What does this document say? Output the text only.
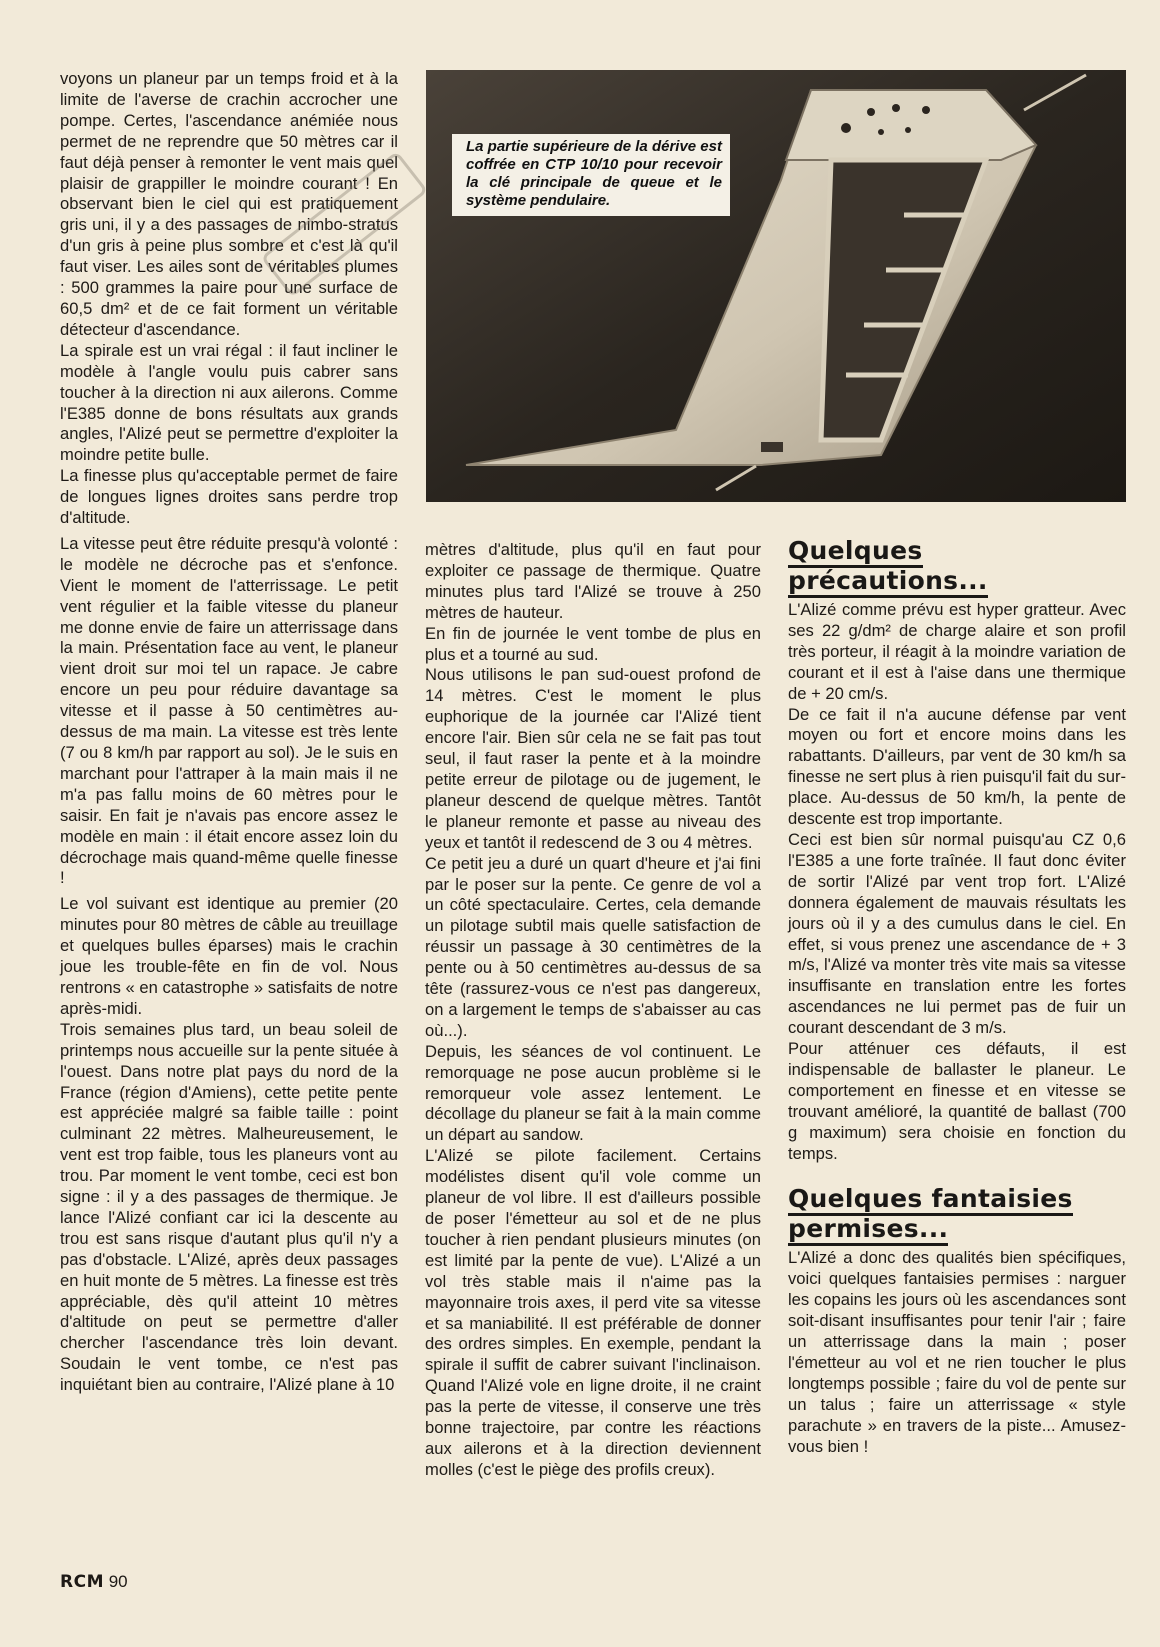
voyons un planeur par un temps froid et à la limite de l'averse de crachin accrocher une pompe. Certes, l'ascendance anémiée nous permet de ne reprendre que 50 mètres car il faut déjà penser à remonter le vent mais quel plaisir de grappiller le moindre courant ! En observant bien le ciel qui est pratiquement gris uni, il y a des passages de nimbo-stratus d'un gris à peine plus sombre et c'est là qu'il faut viser. Les ailes sont de véritables plumes : 500 grammes la paire pour une surface de 60,5 dm² et de ce fait forment un véritable détecteur d'ascendance.

La spirale est un vrai régal : il faut incliner le modèle à l'angle voulu puis cabrer sans toucher à la direction ni aux ailerons. Comme l'E385 donne de bons résultats aux grands angles, l'Alizé peut se permettre d'exploiter la moindre petite bulle.

La finesse plus qu'acceptable permet de faire de longues lignes droites sans perdre trop d'altitude.

La vitesse peut être réduite presqu'à volonté : le modèle ne décroche pas et s'enfonce. Vient le moment de l'atterrissage. Le petit vent régulier et la faible vitesse du planeur me donne envie de faire un atterrissage dans la main. Présentation face au vent, le planeur vient droit sur moi tel un rapace. Je cabre encore un peu pour réduire davantage sa vitesse et il passe à 50 centimètres au-dessus de ma main. La vitesse est très lente (7 ou 8 km/h par rapport au sol). Je le suis en marchant pour l'attraper à la main mais il ne m'a pas fallu moins de 60 mètres pour le saisir. En fait je n'avais pas encore assez le modèle en main : il était encore assez loin du décrochage mais quand-même quelle finesse !

Le vol suivant est identique au premier (20 minutes pour 80 mètres de câble au treuillage et quelques bulles éparses) mais le crachin joue les trouble-fête en fin de vol. Nous rentrons « en catastrophe » satisfaits de notre après-midi.

Trois semaines plus tard, un beau soleil de printemps nous accueille sur la pente située à l'ouest. Dans notre plat pays du nord de la France (région d'Amiens), cette petite pente est appréciée malgré sa faible taille : point culminant 22 mètres. Malheureusement, le vent est trop faible, tous les planeurs vont au trou. Par moment le vent tombe, ceci est bon signe : il y a des passages de thermique. Je lance l'Alizé confiant car ici la descente au trou est sans risque d'autant plus qu'il n'y a pas d'obstacle. L'Alizé, après deux passages en huit monte de 5 mètres. La finesse est très appréciable, dès qu'il atteint 10 mètres d'altitude on peut se permettre d'aller chercher l'ascendance très loin devant. Soudain le vent tombe, ce n'est pas inquiétant bien au contraire, l'Alizé plane à 10

La partie supérieure de la dérive est coffrée en CTP 10/10 pour recevoir la clé principale de queue et le système pendulaire.

mètres d'altitude, plus qu'il en faut pour exploiter ce passage de thermique. Quatre minutes plus tard l'Alizé se trouve à 250 mètres de hauteur.

En fin de journée le vent tombe de plus en plus et a tourné au sud.

Nous utilisons le pan sud-ouest profond de 14 mètres. C'est le moment le plus euphorique de la journée car l'Alizé tient encore l'air. Bien sûr cela ne se fait pas tout seul, il faut raser la pente et à la moindre petite erreur de pilotage ou de jugement, le planeur descend de quelque mètres. Tantôt le planeur remonte et passe au niveau des yeux et tantôt il redescend de 3 ou 4 mètres.

Ce petit jeu a duré un quart d'heure et j'ai fini par le poser sur la pente. Ce genre de vol a un côté spectaculaire. Certes, cela demande un pilotage subtil mais quelle satisfaction de réussir un passage à 30 centimètres de la pente ou à 50 centimètres au-dessus de sa tête (rassurez-vous ce n'est pas dangereux, on a largement le temps de s'abaisser au cas où...).

Depuis, les séances de vol continuent. Le remorquage ne pose aucun problème si le remorqueur vole assez lentement. Le décollage du planeur se fait à la main comme un départ au sandow.

L'Alizé se pilote facilement. Certains modélistes disent qu'il vole comme un planeur de vol libre. Il est d'ailleurs possible de poser l'émetteur au sol et de ne plus toucher à rien pendant plusieurs minutes (on est limité par la pente de vue). L'Alizé a un vol très stable mais il n'aime pas la mayonnaire trois axes, il perd vite sa vitesse et sa maniabilité. Il est préférable de donner des ordres simples. En exemple, pendant la spirale il suffit de cabrer suivant l'inclinaison. Quand l'Alizé vole en ligne droite, il ne craint pas la perte de vitesse, il conserve une très bonne trajectoire, par contre les réactions aux ailerons et à la direction deviennent molles (c'est le piège des profils creux).

Quelques précautions...

L'Alizé comme prévu est hyper gratteur. Avec ses 22 g/dm² de charge alaire et son profil très porteur, il réagit à la moindre variation de courant et il est à l'aise dans une thermique de + 20 cm/s.

De ce fait il n'a aucune défense par vent moyen ou fort et encore moins dans les rabattants. D'ailleurs, par vent de 30 km/h sa finesse ne sert plus à rien puisqu'il fait du sur-place. Au-dessus de 50 km/h, la pente de descente est trop importante.

Ceci est bien sûr normal puisqu'au CZ 0,6 l'E385 a une forte traînée. Il faut donc éviter de sortir l'Alizé par vent trop fort. L'Alizé donnera également de mauvais résultats les jours où il y a des cumulus dans le ciel. En effet, si vous prenez une ascendance de + 3 m/s, l'Alizé va monter très vite mais sa vitesse insuffisante en translation entre les fortes ascendances ne lui permet pas de fuir un courant descendant de 3 m/s.

Pour atténuer ces défauts, il est indispensable de ballaster le planeur. Le comportement en finesse et en vitesse se trouvant amélioré, la quantité de ballast (700 g maximum) sera choisie en fonction du temps.

Quelques fantaisies permises...

L'Alizé a donc des qualités bien spécifiques, voici quelques fantaisies permises : narguer les copains les jours où les ascendances sont soit-disant insuffisantes pour tenir l'air ; faire un atterrissage dans la main ; poser l'émetteur au vol et ne rien toucher le plus longtemps possible ; faire du vol de pente sur un talus ; faire un atterrissage « style parachute » en travers de la piste... Amusez-vous bien !

RCM 90
